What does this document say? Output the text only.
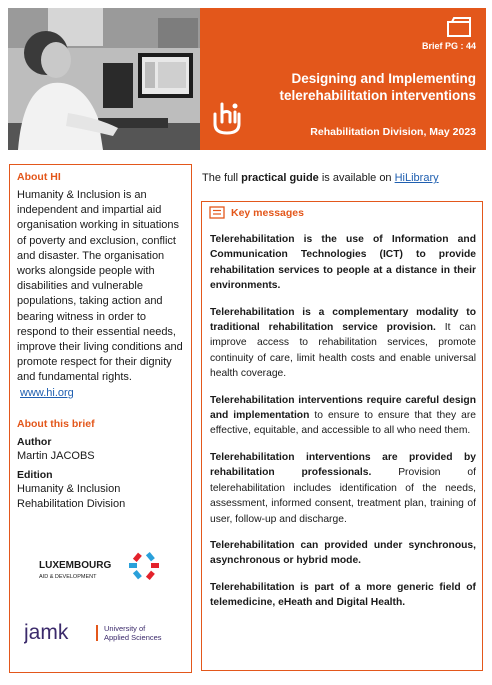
Brief PG : 44
Designing and Implementing
telerehabilitation interventions
Rehabilitation Division, May 2023
About HI

Humanity & Inclusion is an independent and impartial aid organisation working in situations of poverty and exclusion, conflict and disaster. The organisation works alongside people with disabilities and vulnerable populations, taking action and bearing witness in order to respond to their essential needs, improve their living conditions and promote respect for their dignity and fundamental rights.

www.hi.org
About this brief
Author
Martin JACOBS
Edition
Humanity & Inclusion
Rehabilitation Division
LUXEMBOURG
AID & DEVELOPMENT
jamk	University of
Applied Sciences
The full practical guide is available on HiLibrary
Key messages

Telerehabilitation is the use of Information and Communication Technologies (ICT) to provide rehabilitation services to people at a distance in their environments.

Telerehabilitation is a complementary modality to traditional rehabilitation service provision. It can improve access to rehabilitation services, promote continuity of care, limit health costs and enable universal health coverage.

Telerehabilitation interventions require careful design and implementation to ensure to ensure that they are effective, equitable, and accessible to all who need them.

Telerehabilitation interventions are provided by rehabilitation professionals. Provision of telerehabilitation includes identification of the needs, assessment, informed consent, treatment plan, training of user, follow-up and discharge.

Telerehabilitation can provided under synchronous, asynchronous or hybrid mode.

Telerehabilitation is part of a more generic field of telemedicine, eHeath and Digital Health.
